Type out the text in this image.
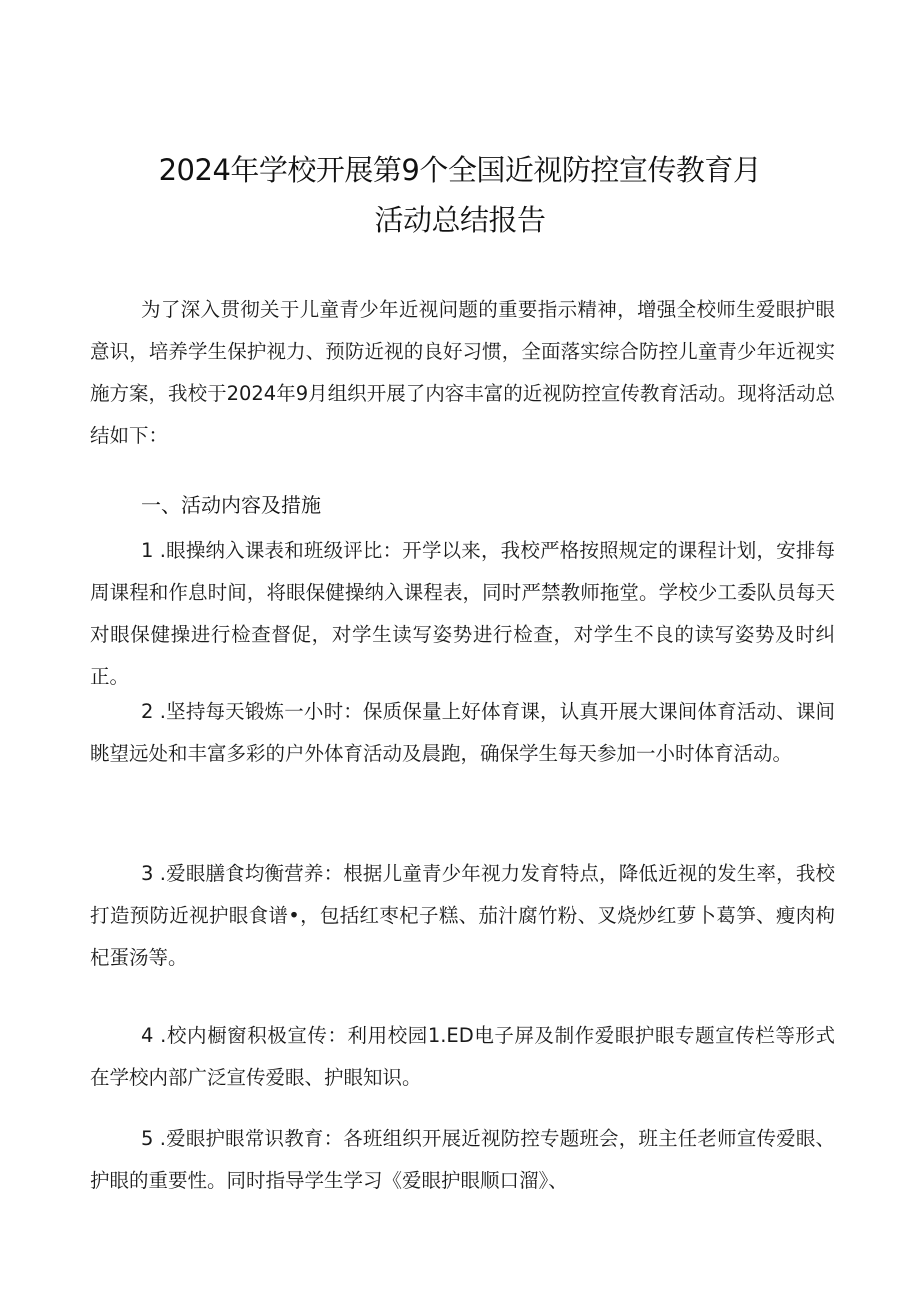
2024年学校开展第9个全国近视防控宣传教育月
活动总结报告

为了深入贯彻关于儿童青少年近视问题的重要指示精神，增强全校师生爱眼护眼意识，培养学生保护视力、预防近视的良好习惯，全面落实综合防控儿童青少年近视实施方案，我校于2024年9月组织开展了内容丰富的近视防控宣传教育活动。现将活动总结如下：

一、活动内容及措施

1 .眼操纳入课表和班级评比：开学以来，我校严格按照规定的课程计划，安排每周课程和作息时间，将眼保健操纳入课程表，同时严禁教师拖堂。学校少工委队员每天对眼保健操进行检查督促，对学生读写姿势进行检查，对学生不良的读写姿势及时纠正。

2 .坚持每天锻炼一小时：保质保量上好体育课，认真开展大课间体育活动、课间眺望远处和丰富多彩的户外体育活动及晨跑，确保学生每天参加一小时体育活动。

3 .爱眼膳食均衡营养：根据儿童青少年视力发育特点，降低近视的发生率，我校打造预防近视护眼食谱•，包括红枣杞子糕、茄汁腐竹粉、叉烧炒红萝卜葛笋、瘦肉枸杞蛋汤等。

4 .校内橱窗积极宣传：利用校园1.ED电子屏及制作爱眼护眼专题宣传栏等形式在学校内部广泛宣传爱眼、护眼知识。

5 .爱眼护眼常识教育：各班组织开展近视防控专题班会，班主任老师宣传爱眼、护眼的重要性。同时指导学生学习《爱眼护眼顺口溜》、
